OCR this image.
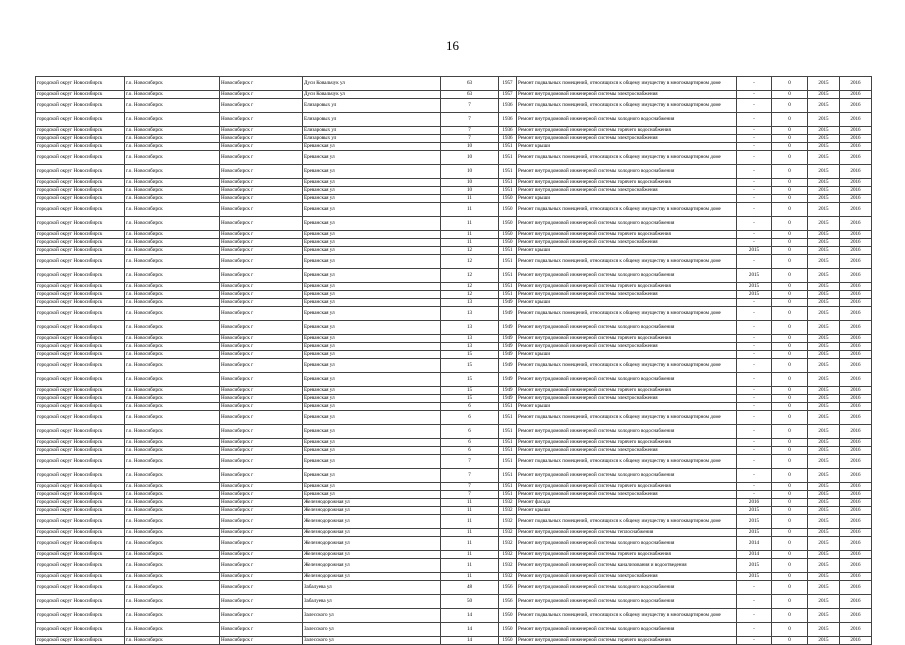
16
городской округ Новосибирск	г.о. Новосибирск	Новосибирск г	Дуси Ковальчук ул	63	1957	Ремонт подвальных помещений, относящихся к общему имуществу в многоквартирном доме	-	0	2015	2016
городской округ Новосибирск	г.о. Новосибирск	Новосибирск г	Дуси Ковальчук ул	63	1957	Ремонт внутридомовой инженерной системы электроснабжения	-	0	2015	2016
городской округ Новосибирск	г.о. Новосибирск	Новосибирск г	Елизаровых ул	7	1936	Ремонт подвальных помещений, относящихся к общему имуществу в многоквартирном доме	-	0	2015	2016
городской округ Новосибирск	г.о. Новосибирск	Новосибирск г	Елизаровых ул	7	1936	Ремонт внутридомовой инженерной системы холодного водоснабжения	-	0	2015	2016
городской округ Новосибирск	г.о. Новосибирск	Новосибирск г	Елизаровых ул	7	1936	Ремонт внутридомовой инженерной системы горячего водоснабжения	-	0	2015	2016
городской округ Новосибирск	г.о. Новосибирск	Новосибирск г	Елизаровых ул	7	1936	Ремонт внутридомовой инженерной системы электроснабжения	-	0	2015	2016
городской округ Новосибирск	г.о. Новосибирск	Новосибирск г	Ереванская ул	10	1951	Ремонт крыши	-	0	2015	2016
городской округ Новосибирск	г.о. Новосибирск	Новосибирск г	Ереванская ул	10	1951	Ремонт подвальных помещений, относящихся к общему имуществу в многоквартирном доме	-	0	2015	2016
городской округ Новосибирск	г.о. Новосибирск	Новосибирск г	Ереванская ул	10	1951	Ремонт внутридомовой инженерной системы холодного водоснабжения	-	0	2015	2016
городской округ Новосибирск	г.о. Новосибирск	Новосибирск г	Ереванская ул	10	1951	Ремонт внутридомовой инженерной системы горячего водоснабжения	-	0	2015	2016
городской округ Новосибирск	г.о. Новосибирск	Новосибирск г	Ереванская ул	10	1951	Ремонт внутридомовой инженерной системы электроснабжения	-	0	2015	2016
городской округ Новосибирск	г.о. Новосибирск	Новосибирск г	Ереванская ул	11	1950	Ремонт крыши	-	0	2015	2016
городской округ Новосибирск	г.о. Новосибирск	Новосибирск г	Ереванская ул	11	1950	Ремонт подвальных помещений, относящихся к общему имуществу в многоквартирном доме	-	0	2015	2016
городской округ Новосибирск	г.о. Новосибирск	Новосибирск г	Ереванская ул	11	1950	Ремонт внутридомовой инженерной системы холодного водоснабжения	-	0	2015	2016
городской округ Новосибирск	г.о. Новосибирск	Новосибирск г	Ереванская ул	11	1950	Ремонт внутридомовой инженерной системы горячего водоснабжения	-	0	2015	2016
городской округ Новосибирск	г.о. Новосибирск	Новосибирск г	Ереванская ул	11	1950	Ремонт внутридомовой инженерной системы электроснабжения	-	0	2015	2016
городской округ Новосибирск	г.о. Новосибирск	Новосибирск г	Ереванская ул	12	1951	Ремонт крыши	2015	0	2015	2016
городской округ Новосибирск	г.о. Новосибирск	Новосибирск г	Ереванская ул	12	1951	Ремонт подвальных помещений, относящихся к общему имуществу в многоквартирном доме	-	0	2015	2016
городской округ Новосибирск	г.о. Новосибирск	Новосибирск г	Ереванская ул	12	1951	Ремонт внутридомовой инженерной системы холодного водоснабжения	2015	0	2015	2016
городской округ Новосибирск	г.о. Новосибирск	Новосибирск г	Ереванская ул	12	1951	Ремонт внутридомовой инженерной системы горячего водоснабжения	2015	0	2015	2016
городской округ Новосибирск	г.о. Новосибирск	Новосибирск г	Ереванская ул	12	1951	Ремонт внутридомовой инженерной системы электроснабжения	2015	0	2015	2016
городской округ Новосибирск	г.о. Новосибирск	Новосибирск г	Ереванская ул	13	1949	Ремонт крыши	-	0	2015	2016
городской округ Новосибирск	г.о. Новосибирск	Новосибирск г	Ереванская ул	13	1949	Ремонт подвальных помещений, относящихся к общему имуществу в многоквартирном доме	-	0	2015	2016
городской округ Новосибирск	г.о. Новосибирск	Новосибирск г	Ереванская ул	13	1949	Ремонт внутридомовой инженерной системы холодного водоснабжения	-	0	2015	2016
городской округ Новосибирск	г.о. Новосибирск	Новосибирск г	Ереванская ул	13	1949	Ремонт внутридомовой инженерной системы горячего водоснабжения	-	0	2015	2016
городской округ Новосибирск	г.о. Новосибирск	Новосибирск г	Ереванская ул	13	1949	Ремонт внутридомовой инженерной системы электроснабжения	-	0	2015	2016
городской округ Новосибирск	г.о. Новосибирск	Новосибирск г	Ереванская ул	15	1949	Ремонт крыши	-	0	2015	2016
городской округ Новосибирск	г.о. Новосибирск	Новосибирск г	Ереванская ул	15	1949	Ремонт подвальных помещений, относящихся к общему имуществу в многоквартирном доме	-	0	2015	2016
городской округ Новосибирск	г.о. Новосибирск	Новосибирск г	Ереванская ул	15	1949	Ремонт внутридомовой инженерной системы холодного водоснабжения	-	0	2015	2016
городской округ Новосибирск	г.о. Новосибирск	Новосибирск г	Ереванская ул	15	1949	Ремонт внутридомовой инженерной системы горячего водоснабжения	-	0	2015	2016
городской округ Новосибирск	г.о. Новосибирск	Новосибирск г	Ереванская ул	15	1949	Ремонт внутридомовой инженерной системы электроснабжения	-	0	2015	2016
городской округ Новосибирск	г.о. Новосибирск	Новосибирск г	Ереванская ул	6	1951	Ремонт крыши	-	0	2015	2016
городской округ Новосибирск	г.о. Новосибирск	Новосибирск г	Ереванская ул	6	1951	Ремонт подвальных помещений, относящихся к общему имуществу в многоквартирном доме	-	0	2015	2016
городской округ Новосибирск	г.о. Новосибирск	Новосибирск г	Ереванская ул	6	1951	Ремонт внутридомовой инженерной системы холодного водоснабжения	-	0	2015	2016
городской округ Новосибирск	г.о. Новосибирск	Новосибирск г	Ереванская ул	6	1951	Ремонт внутридомовой инженерной системы горячего водоснабжения	-	0	2015	2016
городской округ Новосибирск	г.о. Новосибирск	Новосибирск г	Ереванская ул	6	1951	Ремонт внутридомовой инженерной системы электроснабжения	-	0	2015	2016
городской округ Новосибирск	г.о. Новосибирск	Новосибирск г	Ереванская ул	7	1951	Ремонт подвальных помещений, относящихся к общему имуществу в многоквартирном доме	-	0	2015	2016
городской округ Новосибирск	г.о. Новосибирск	Новосибирск г	Ереванская ул	7	1951	Ремонт внутридомовой инженерной системы холодного водоснабжения	-	0	2015	2016
городской округ Новосибирск	г.о. Новосибирск	Новосибирск г	Ереванская ул	7	1951	Ремонт внутридомовой инженерной системы горячего водоснабжения	-	0	2015	2016
городской округ Новосибирск	г.о. Новосибирск	Новосибирск г	Ереванская ул	7	1951	Ремонт внутридомовой инженерной системы электроснабжения	-	0	2015	2016
городской округ Новосибирск	г.о. Новосибирск	Новосибирск г	Железнодорожная ул	11	1932	Ремонт фасада	2016	0	2015	2016
городской округ Новосибирск	г.о. Новосибирск	Новосибирск г	Железнодорожная ул	11	1932	Ремонт крыши	2015	0	2015	2016
городской округ Новосибирск	г.о. Новосибирск	Новосибирск г	Железнодорожная ул	11	1932	Ремонт подвальных помещений, относящихся к общему имуществу в многоквартирном доме	2015	0	2015	2016
городской округ Новосибирск	г.о. Новосибирск	Новосибирск г	Железнодорожная ул	11	1932	Ремонт внутридомовой инженерной системы теплоснабжения	2015	0	2015	2016
городской округ Новосибирск	г.о. Новосибирск	Новосибирск г	Железнодорожная ул	11	1932	Ремонт внутридомовой инженерной системы холодного водоснабжения	2014	0	2015	2016
городской округ Новосибирск	г.о. Новосибирск	Новосибирск г	Железнодорожная ул	11	1932	Ремонт внутридомовой инженерной системы горячего водоснабжения	2014	0	2015	2016
городской округ Новосибирск	г.о. Новосибирск	Новосибирск г	Железнодорожная ул	11	1932	Ремонт внутридомовой инженерной системы канализования и водоотведения	2015	0	2015	2016
городской округ Новосибирск	г.о. Новосибирск	Новосибирск г	Железнодорожная ул	11	1932	Ремонт внутридомовой инженерной системы электроснабжения	2015	0	2015	2016
городской округ Новосибирск	г.о. Новосибирск	Новосибирск г	Забалуева ул	48	1956	Ремонт внутридомовой инженерной системы холодного водоснабжения	-	0	2015	2016
городской округ Новосибирск	г.о. Новосибирск	Новосибирск г	Забалуева ул	50	1956	Ремонт внутридомовой инженерной системы холодного водоснабжения	-	0	2015	2016
городской округ Новосибирск	г.о. Новосибирск	Новосибирск г	Залесского ул	14	1950	Ремонт подвальных помещений, относящихся к общему имуществу в многоквартирном доме	-	0	2015	2016
городской округ Новосибирск	г.о. Новосибирск	Новосибирск г	Залесского ул	14	1950	Ремонт внутридомовой инженерной системы холодного водоснабжения	-	0	2015	2016
городской округ Новосибирск	г.о. Новосибирск	Новосибирск г	Залесского ул	14	1950	Ремонт внутридомовой инженерной системы горячего водоснабжения	-	0	2015	2016
